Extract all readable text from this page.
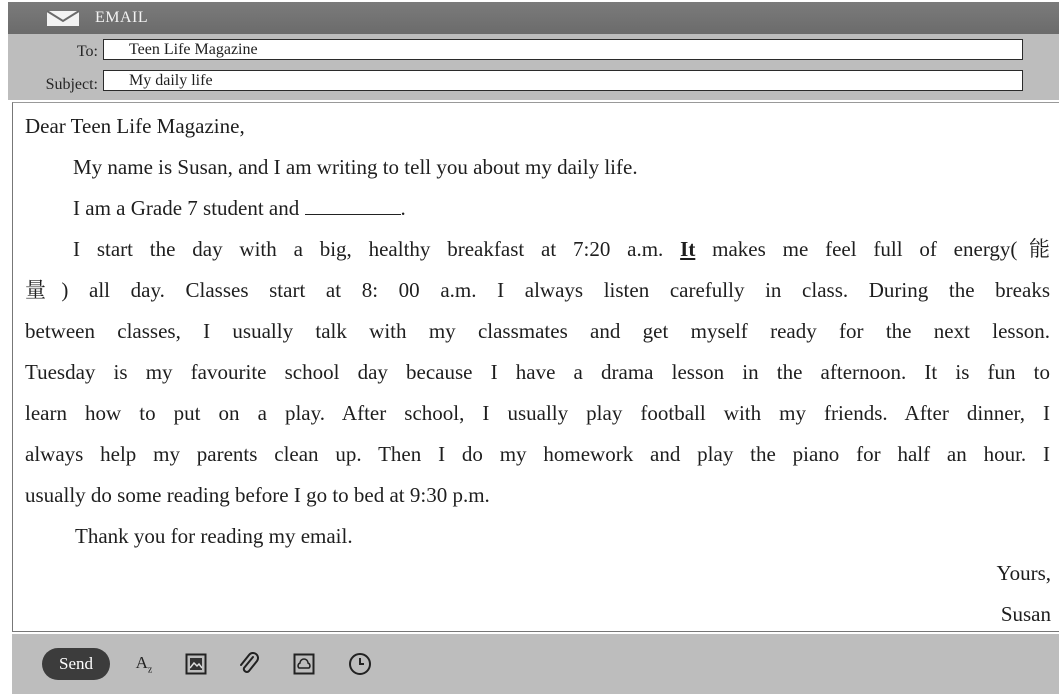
EMAIL
To:	Teen Life Magazine
Subject:	My daily life
Dear Teen Life Magazine,
My name is Susan, and I am writing to tell you about my daily life.
I am a Grade 7 student and	.
I start the day with a big, healthy breakfast at 7:20 a.m. It makes me feel full of energy(能
量) all day. Classes start at 8: 00 a.m. I always listen carefully in class. During the breaks
between classes, I usually talk with my classmates and get myself ready for the next lesson.
Tuesday is my favourite school day because I have a drama lesson in the afternoon. It is fun to
learn how to put on a play. After school, I usually play football with my friends. After dinner, I
always help my parents clean up. Then I do my homework and play the piano for half an hour. I
usually do some reading before I go to bed at 9:30 p.m.
Thank you for reading my email.
Yours,
Susan
Send	$A_z$
